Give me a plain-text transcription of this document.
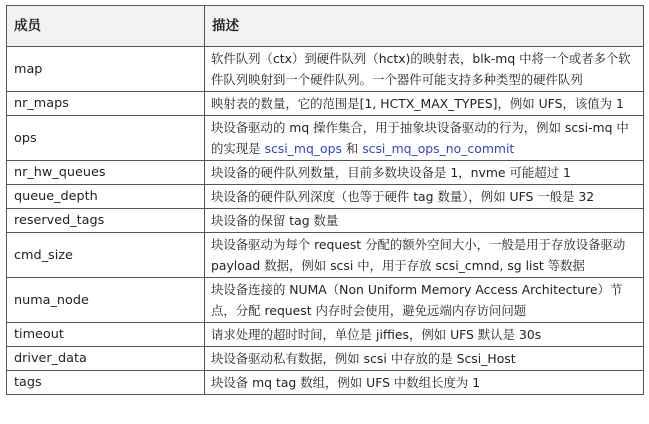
成员	描述
map	软件队列（ctx）到硬件队列（hctx)的映射表，blk-mq 中将一个或者多个软件队列映射到一个硬件队列。一个器件可能支持多种类型的硬件队列
nr_maps	映射表的数量，它的范围是[1, HCTX_MAX_TYPES]，例如 UFS，该值为 1
ops	块设备驱动的 mq 操作集合，用于抽象块设备驱动的行为，例如 scsi-mq 中的实现是 scsi_mq_ops 和 scsi_mq_ops_no_commit
nr_hw_queues	块设备的硬件队列数量，目前多数块设备是 1，nvme 可能超过 1
queue_depth	块设备的硬件队列深度（也等于硬件 tag 数量），例如 UFS 一般是 32
reserved_tags	块设备的保留 tag 数量
cmd_size	块设备驱动为每个 request 分配的额外空间大小，一般是用于存放设备驱动 payload 数据，例如 scsi 中，用于存放 scsi_cmnd, sg list 等数据
numa_node	块设备连接的 NUMA（Non Uniform Memory Access Architecture）节点，分配 request 内存时会使用，避免远端内存访问问题
timeout	请求处理的超时时间，单位是 jiffies，例如 UFS 默认是 30s
driver_data	块设备驱动私有数据，例如 scsi 中存放的是 Scsi_Host
tags	块设备 mq tag 数组，例如 UFS 中数组长度为 1
